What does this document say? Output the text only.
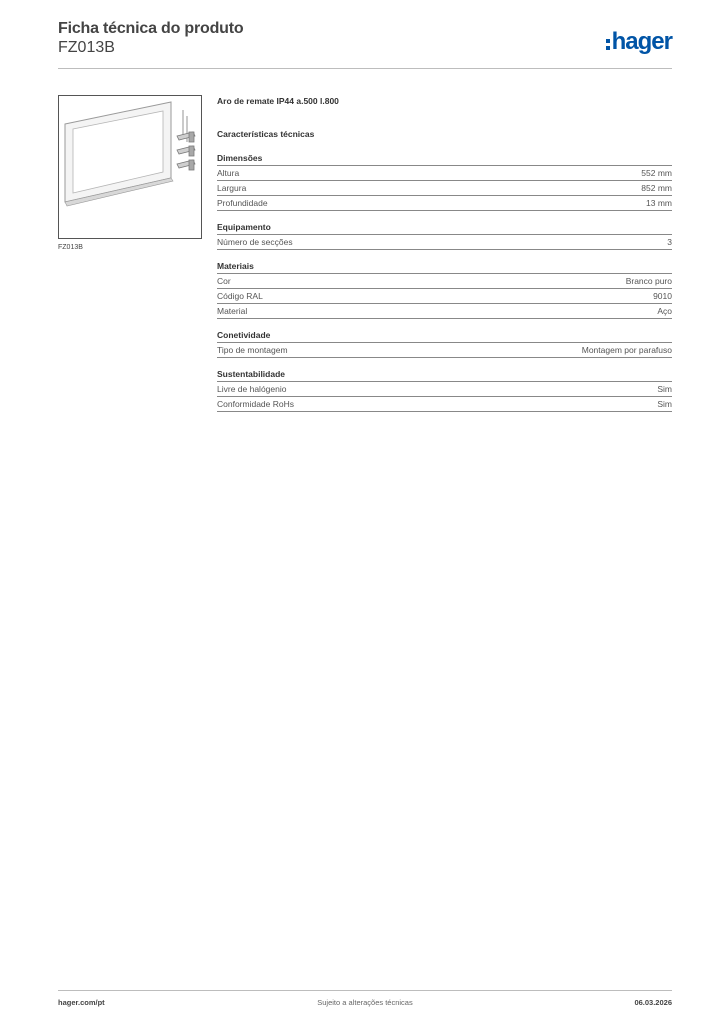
Ficha técnica do produto
FZ013B	hager
FZ013B
Aro de remate IP44 a.500 l.800
Características técnicas
Dimensões
Altura	552 mm
Largura	852 mm
Profundidade	13 mm
Equipamento
Número de secções	3
Materiais
Cor	Branco puro
Código RAL	9010
Material	Aço
Conetividade
Tipo de montagem	Montagem por parafuso
Sustentabilidade
Livre de halógenio	Sim
Conformidade RoHs	Sim
hager.com/pt	Sujeito a alterações técnicas	06.03.2026
